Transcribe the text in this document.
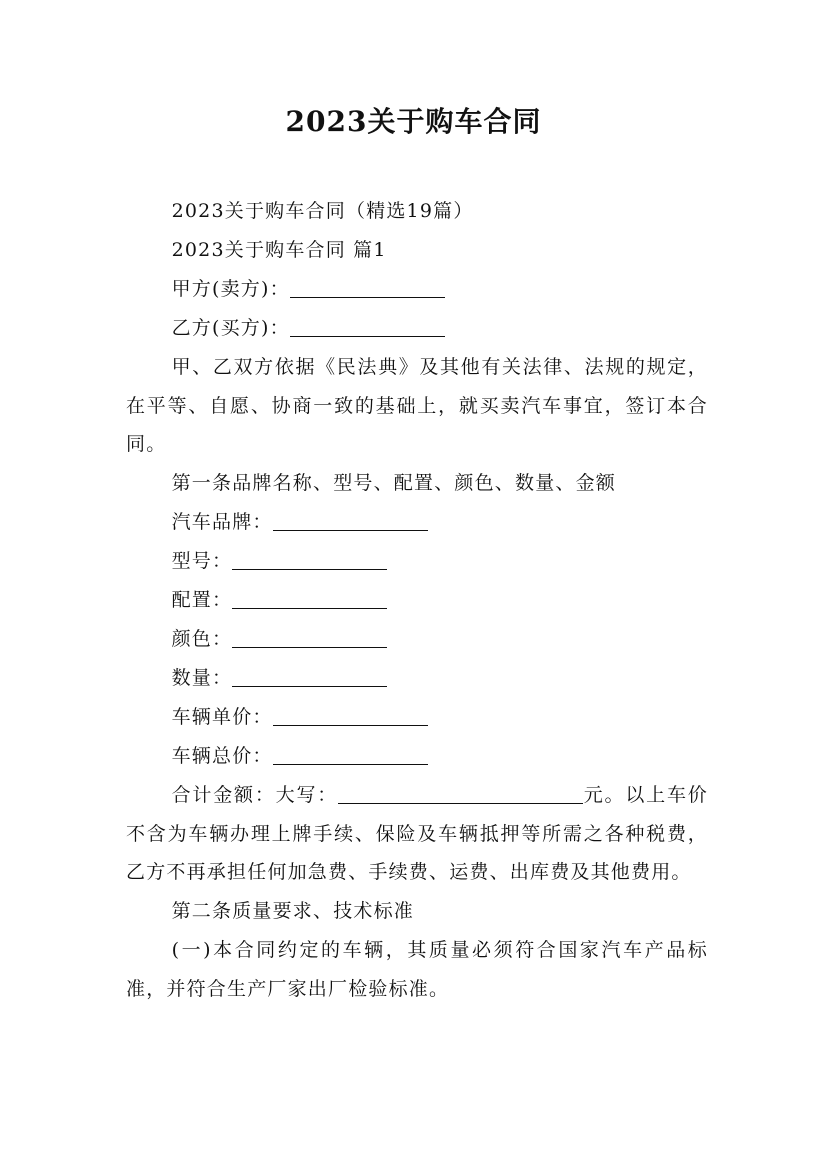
2023关于购车合同

2023关于购车合同（精选19篇）

2023关于购车合同 篇1

甲方(卖方)：

乙方(买方)：

甲、乙双方依据《民法典》及其他有关法律、法规的规定，在平等、自愿、协商一致的基础上，就买卖汽车事宜，签订本合同。

第一条品牌名称、型号、配置、颜色、数量、金额

汽车品牌：

型号：

配置：

颜色：

数量：

车辆单价：

车辆总价：

合计金额：大写：	元。以上车价不含为车辆办理上牌手续、保险及车辆抵押等所需之各种税费，乙方不再承担任何加急费、手续费、运费、出库费及其他费用。

第二条质量要求、技术标准

(一)本合同约定的车辆，其质量必须符合国家汽车产品标准，并符合生产厂家出厂检验标准。
